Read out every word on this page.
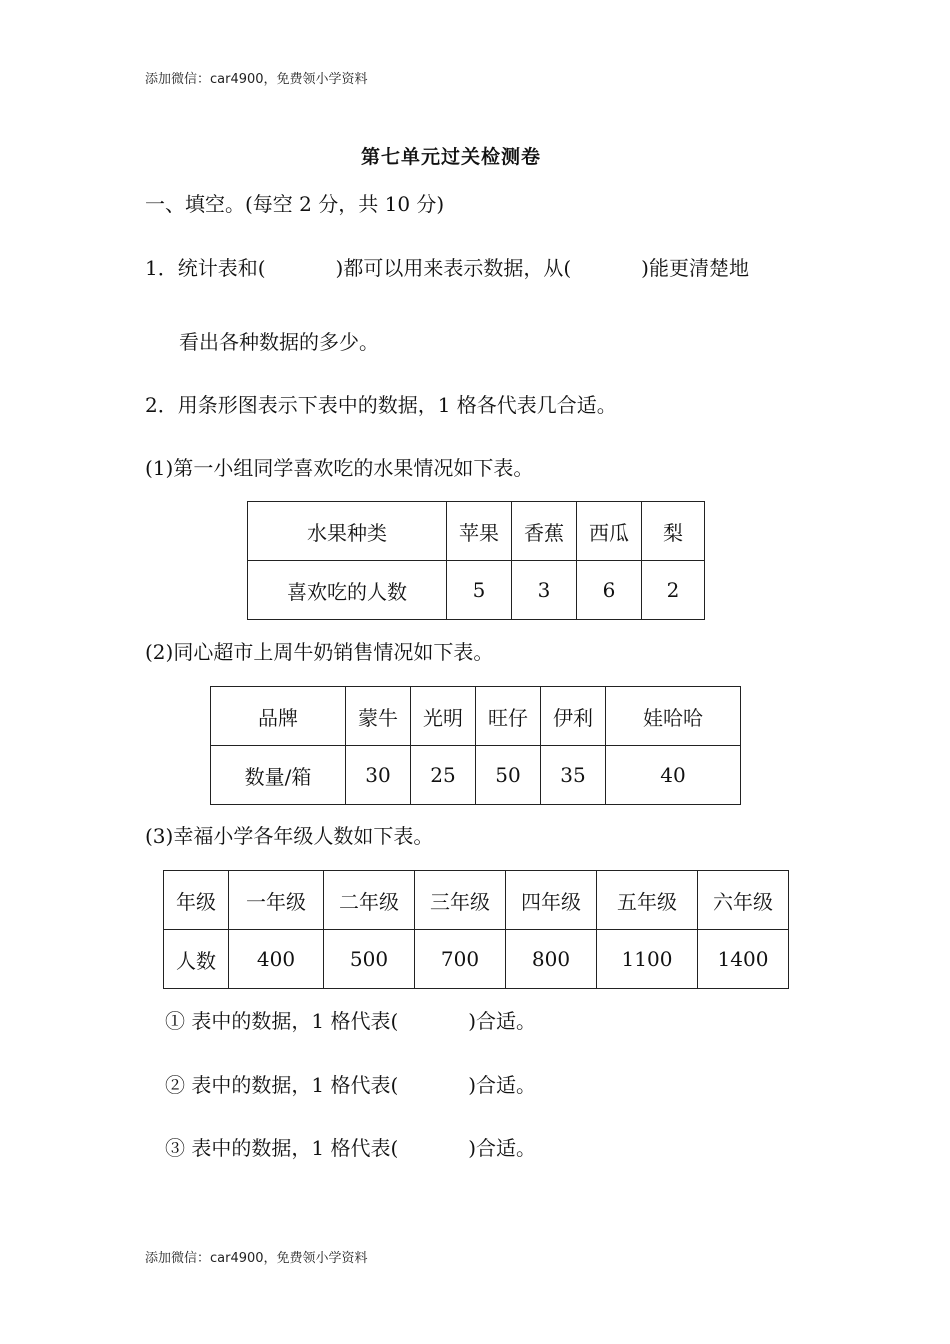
添加微信：car4900，免费领小学资料
第七单元过关检测卷
一、填空。(每空 2 分，共 10 分)
1．统计表和(	)都可以用来表示数据，从(	)能更清楚地
看出各种数据的多少。
2．用条形图表示下表中的数据，1 格各代表几合适。
(1)第一小组同学喜欢吃的水果情况如下表。
水果种类	苹果	香蕉	西瓜	梨
喜欢吃的人数	5	3	6	2
(2)同心超市上周牛奶销售情况如下表。
品牌	蒙牛	光明	旺仔	伊利	娃哈哈
数量/箱	30	25	50	35	40
(3)幸福小学各年级人数如下表。
年级	一年级	二年级	三年级	四年级	五年级	六年级
人数	400	500	700	800	1100	1400
① 表中的数据，1 格代表(	)合适。
② 表中的数据，1 格代表(	)合适。
③ 表中的数据，1 格代表(	)合适。
添加微信：car4900，免费领小学资料
